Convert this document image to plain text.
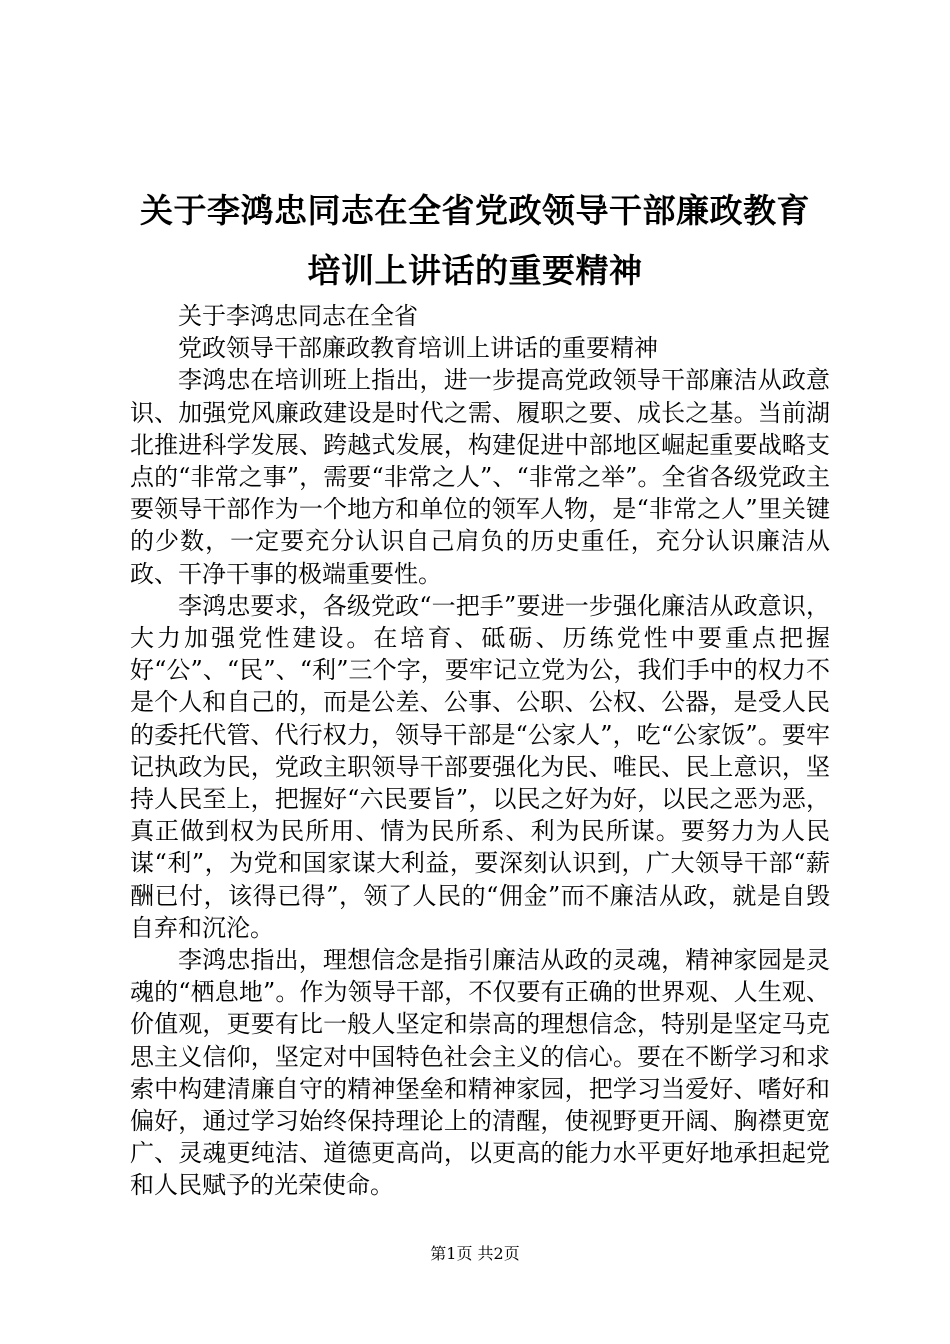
关于李鸿忠同志在全省党政领导干部廉政教育
培训上讲话的重要精神

关于李鸿忠同志在全省

党政领导干部廉政教育培训上讲话的重要精神

李鸿忠在培训班上指出，进一步提高党政领导干部廉洁从政意识、加强党风廉政建设是时代之需、履职之要、成长之基。当前湖北推进科学发展、跨越式发展，构建促进中部地区崛起重要战略支点的“非常之事”，需要“非常之人”、“非常之举”。全省各级党政主要领导干部作为一个地方和单位的领军人物，是“非常之人”里关键的少数，一定要充分认识自己肩负的历史重任，充分认识廉洁从政、干净干事的极端重要性。

李鸿忠要求，各级党政“一把手”要进一步强化廉洁从政意识，大力加强党性建设。在培育、砥砺、历练党性中要重点把握好“公”、“民”、“利”三个字，要牢记立党为公，我们手中的权力不是个人和自己的，而是公差、公事、公职、公权、公器，是受人民的委托代管、代行权力，领导干部是“公家人”，吃“公家饭”。要牢记执政为民，党政主职领导干部要强化为民、唯民、民上意识，坚持人民至上，把握好“六民要旨”，以民之好为好，以民之恶为恶，真正做到权为民所用、情为民所系、利为民所谋。要努力为人民谋“利”，为党和国家谋大利益，要深刻认识到，广大领导干部“薪酬已付，该得已得”，领了人民的“佣金”而不廉洁从政，就是自毁自弃和沉沦。

李鸿忠指出，理想信念是指引廉洁从政的灵魂，精神家园是灵魂的“栖息地”。作为领导干部，不仅要有正确的世界观、人生观、价值观，更要有比一般人坚定和崇高的理想信念，特别是坚定马克思主义信仰，坚定对中国特色社会主义的信心。要在不断学习和求索中构建清廉自守的精神堡垒和精神家园，把学习当爱好、嗜好和偏好，通过学习始终保持理论上的清醒，使视野更开阔、胸襟更宽广、灵魂更纯洁、道德更高尚，以更高的能力水平更好地承担起党和人民赋予的光荣使命。

第1页 共2页
